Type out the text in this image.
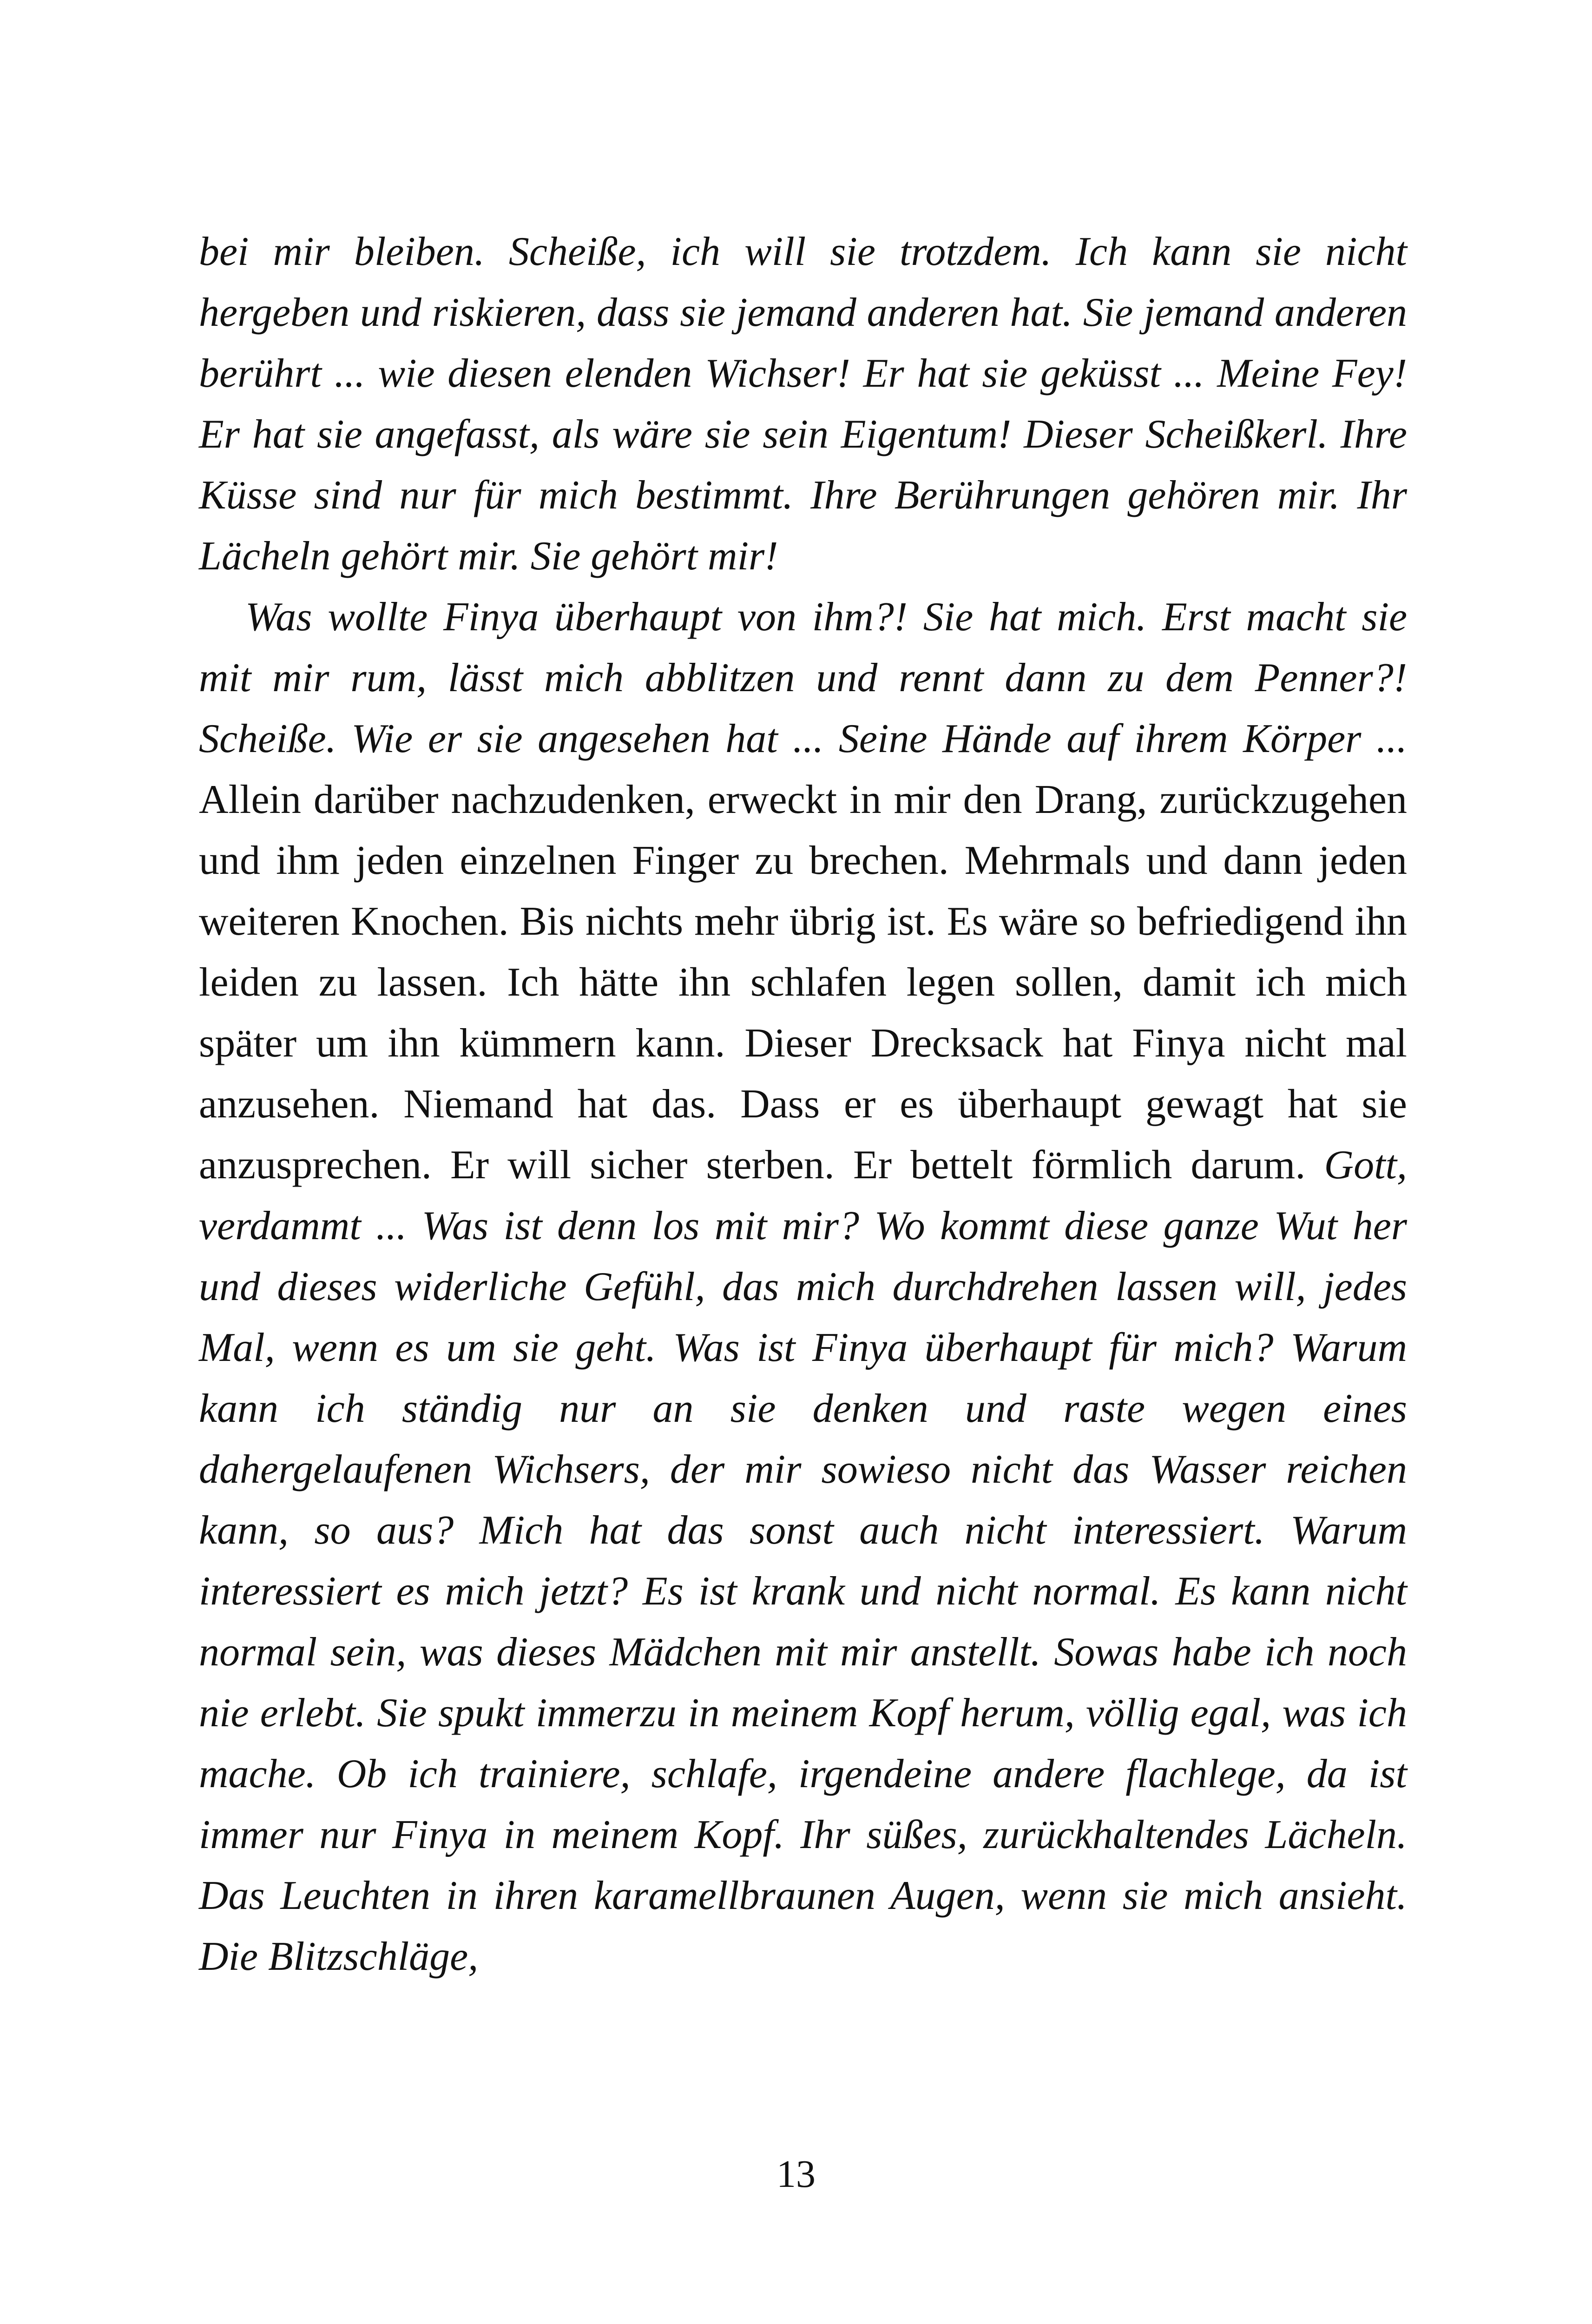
bei mir bleiben. Scheiße, ich will sie trotzdem. Ich kann sie nicht hergeben und riskieren, dass sie jemand anderen hat. Sie jemand anderen berührt ... wie diesen elenden Wichser! Er hat sie geküsst ... Meine Fey! Er hat sie angefasst, als wäre sie sein Eigentum! Dieser Scheißkerl. Ihre Küsse sind nur für mich bestimmt. Ihre Berührungen gehören mir. Ihr Lächeln gehört mir. Sie gehört mir!

Was wollte Finya überhaupt von ihm?! Sie hat mich. Erst macht sie mit mir rum, lässt mich abblitzen und rennt dann zu dem Penner?! Scheiße. Wie er sie angesehen hat ... Seine Hände auf ihrem Körper ... Allein darüber nachzudenken, erweckt in mir den Drang, zurückzugehen und ihm jeden einzelnen Finger zu brechen. Mehrmals und dann jeden weiteren Knochen. Bis nichts mehr übrig ist. Es wäre so befriedigend ihn leiden zu lassen. Ich hätte ihn schlafen legen sollen, damit ich mich später um ihn kümmern kann. Dieser Drecksack hat Finya nicht mal anzusehen. Niemand hat das. Dass er es überhaupt gewagt hat sie anzusprechen. Er will sicher sterben. Er bettelt förmlich darum. Gott, verdammt ... Was ist denn los mit mir? Wo kommt diese ganze Wut her und dieses widerliche Gefühl, das mich durchdrehen lassen will, jedes Mal, wenn es um sie geht. Was ist Finya überhaupt für mich? Warum kann ich ständig nur an sie denken und raste wegen eines dahergelaufenen Wichsers, der mir sowieso nicht das Wasser reichen kann, so aus? Mich hat das sonst auch nicht interessiert. Warum interessiert es mich jetzt? Es ist krank und nicht normal. Es kann nicht normal sein, was dieses Mädchen mit mir anstellt. Sowas habe ich noch nie erlebt. Sie spukt immerzu in meinem Kopf herum, völlig egal, was ich mache. Ob ich trainiere, schlafe, irgendeine andere flachlege, da ist immer nur Finya in meinem Kopf. Ihr süßes, zurückhaltendes Lächeln. Das Leuchten in ihren karamellbraunen Augen, wenn sie mich ansieht. Die Blitzschläge,

13
